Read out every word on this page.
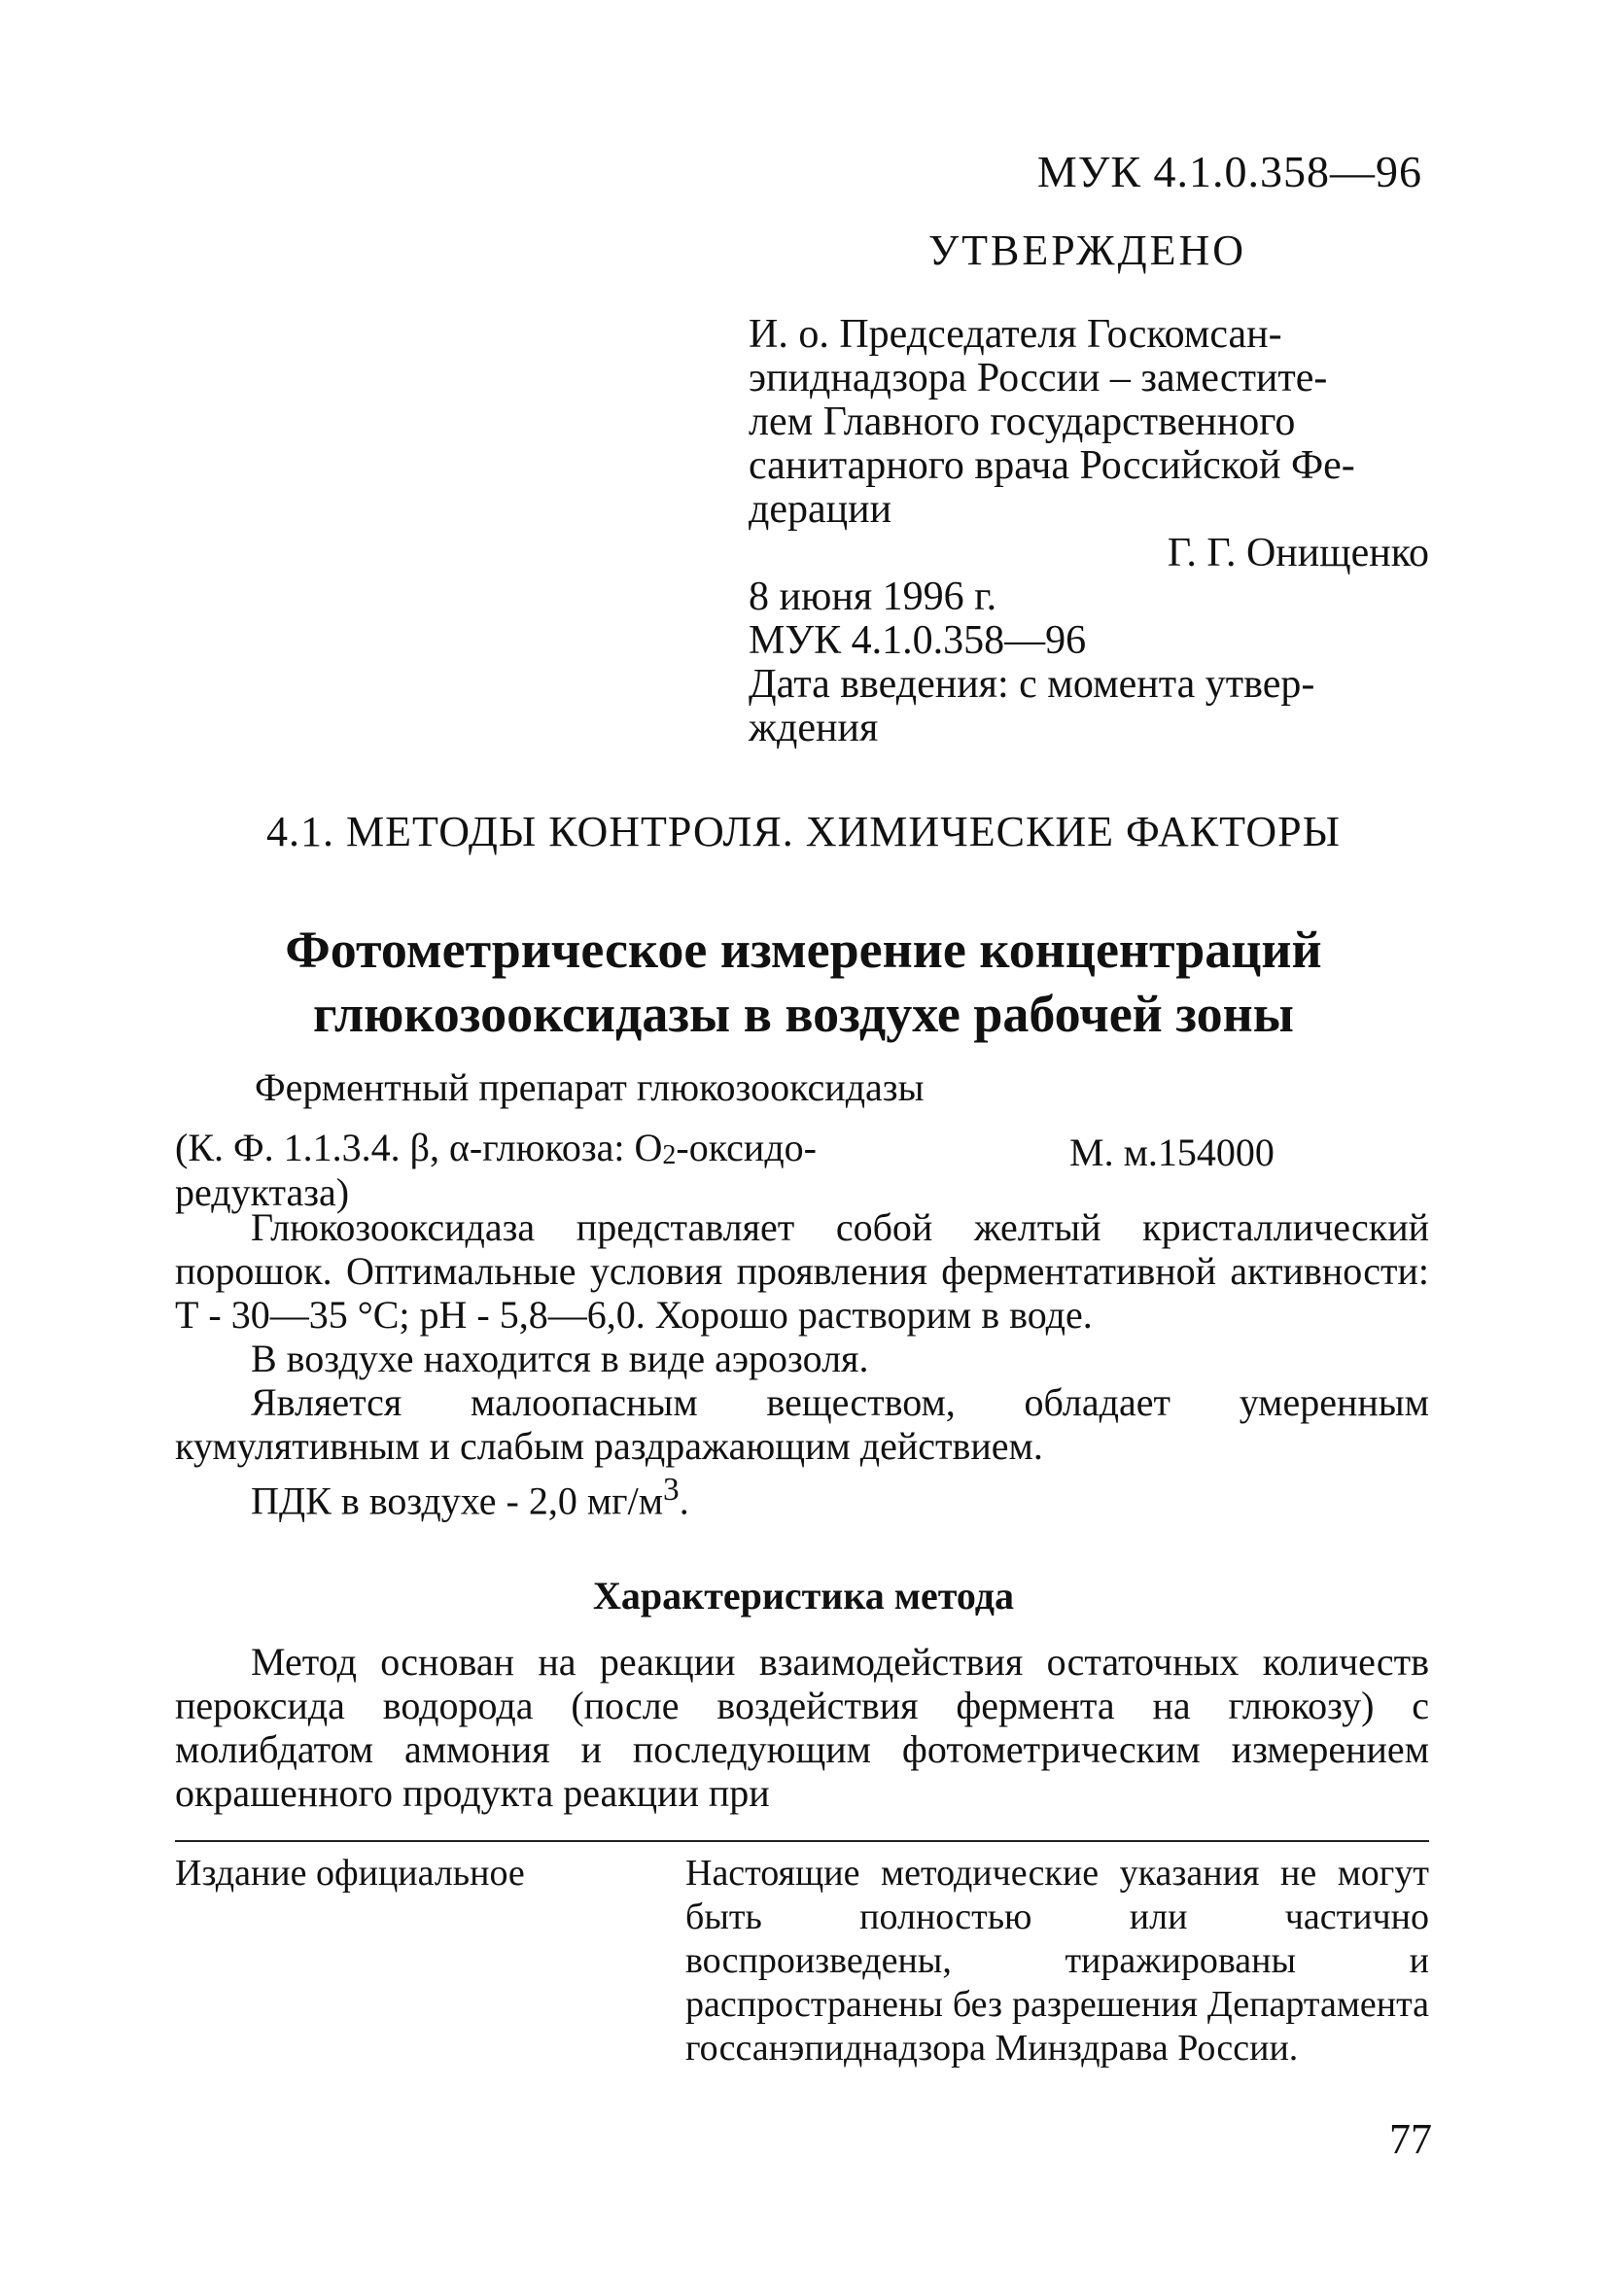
МУК 4.1.0.358—96
УТВЕРЖДЕНО
И. о. Председателя Госкомсан-
эпиднадзора России – заместите-
лем Главного государственного
санитарного врача Российской Фе-
дерации
Г. Г. Онищенко
8 июня 1996 г.
МУК 4.1.0.358—96
Дата введения: с момента утвер-
ждения
4.1. МЕТОДЫ КОНТРОЛЯ. ХИМИЧЕСКИЕ ФАКТОРЫ
Фотометрическое измерение концентраций
глюкозооксидазы в воздухе рабочей зоны
Ферментный препарат глюкозооксидазы
(К. Ф. 1.1.3.4. β, α-глюкоза: $O_2-оксидо-$
редуктаза)
М. м.154000

Глюкозооксидаза представляет собой желтый кристаллический порошок. Оптимальные условия проявления ферментативной активности: Т - 30—35 °С; рН - 5,8—6,0. Хорошо растворим в воде.

В воздухе находится в виде аэрозоля.

Является малоопасным веществом, обладает умеренным кумулятивным и слабым раздражающим действием.

ПДК в воздухе - 2,0 $мг/м^3$.

Характеристика метода

Метод основан на реакции взаимодействия остаточных количеств пероксида водорода (после воздействия фермента на глюкозу) с молибдатом аммония и последующим фотометрическим измерением окрашенного продукта реакции при

Издание официальное	Настоящие методические указания не могут быть полностью или частично воспроизведены, тиражированы и распространены без разрешения Департамента госсанэпиднадзора Минздрава России.
77
